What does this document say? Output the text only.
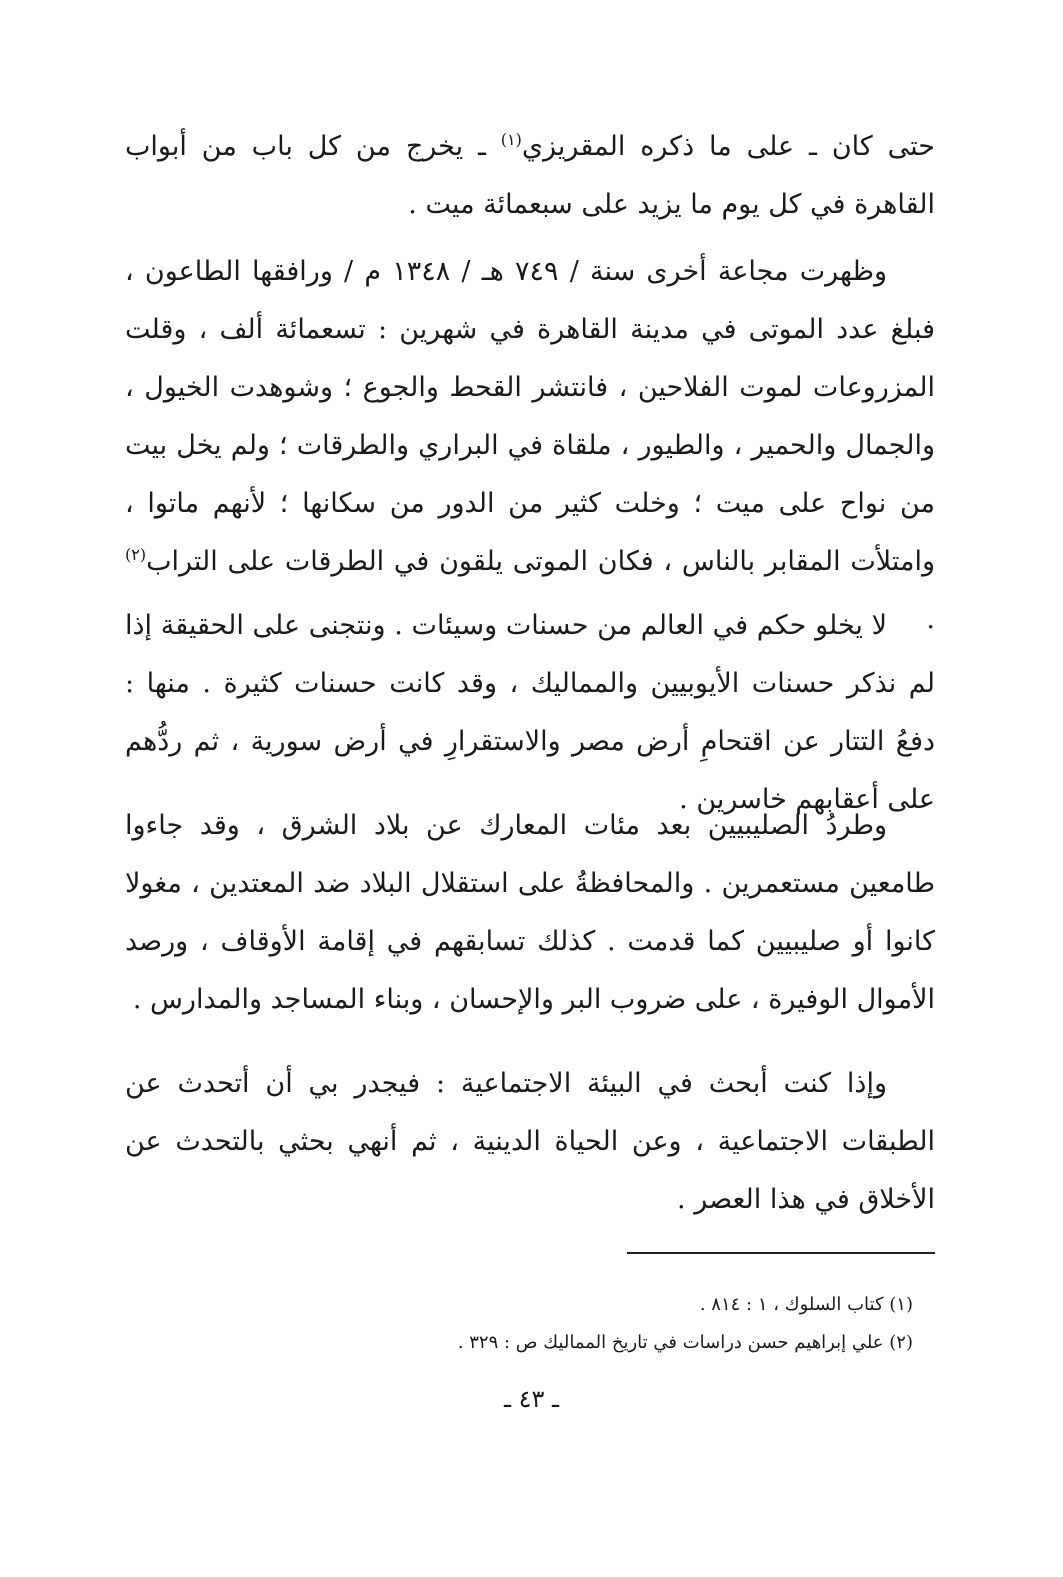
حتى كان ـ على ما ذكره المقريزي$^{(١)}$ ـ يخرج من كل باب من أبواب القاهرة في كل يوم ما يزيد على سبعمائة ميت .

وظهرت مجاعة أخرى سنة / ٧٤٩ هـ / ١٣٤٨ م / ورافقها الطاعون ، فبلغ عدد الموتى في مدينة القاهرة في شهرين : تسعمائة ألف ، وقلت المزروعات لموت الفلاحين ، فانتشر القحط والجوع ؛ وشوهدت الخيول ، والجمال والحمير ، والطيور ، ملقاة في البراري والطرقات ؛ ولم يخل بيت من نواح على ميت ؛ وخلت كثير من الدور من سكانها ؛ لأنهم ماتوا ، وامتلأت المقابر بالناس ، فكان الموتى يلقون في الطرقات على التراب$^{(٢)}$ .

لا يخلو حكم في العالم من حسنات وسيئات . ونتجنى على الحقيقة إذا لم نذكر حسنات الأيوبيين والمماليك ، وقد كانت حسنات كثيرة . منها : دفعُ التتار عن اقتحامِ أرض مصر والاستقرارِ في أرض سورية ، ثم ردُّهم على أعقابهم خاسرين .

وطردُ الصليبيين بعد مئات المعارك عن بلاد الشرق ، وقد جاءوا طامعين مستعمرين . والمحافظةُ على استقلال البلاد ضد المعتدين ، مغولا كانوا أو صليبيين كما قدمت . كذلك تسابقهم في إقامة الأوقاف ، ورصد الأموال الوفيرة ، على ضروب البر والإحسان ، وبناء المساجد والمدارس .

وإذا كنت أبحث في البيئة الاجتماعية : فيجدر بي أن أتحدث عن الطبقات الاجتماعية ، وعن الحياة الدينية ، ثم أنهي بحثي بالتحدث عن الأخلاق في هذا العصر .

(١) كتاب السلوك ، ١ : ٨١٤ .
(٢) علي إبراهيم حسن دراسات في تاريخ المماليك ص : ٣٢٩ .
ـ ٤٣ ـ
